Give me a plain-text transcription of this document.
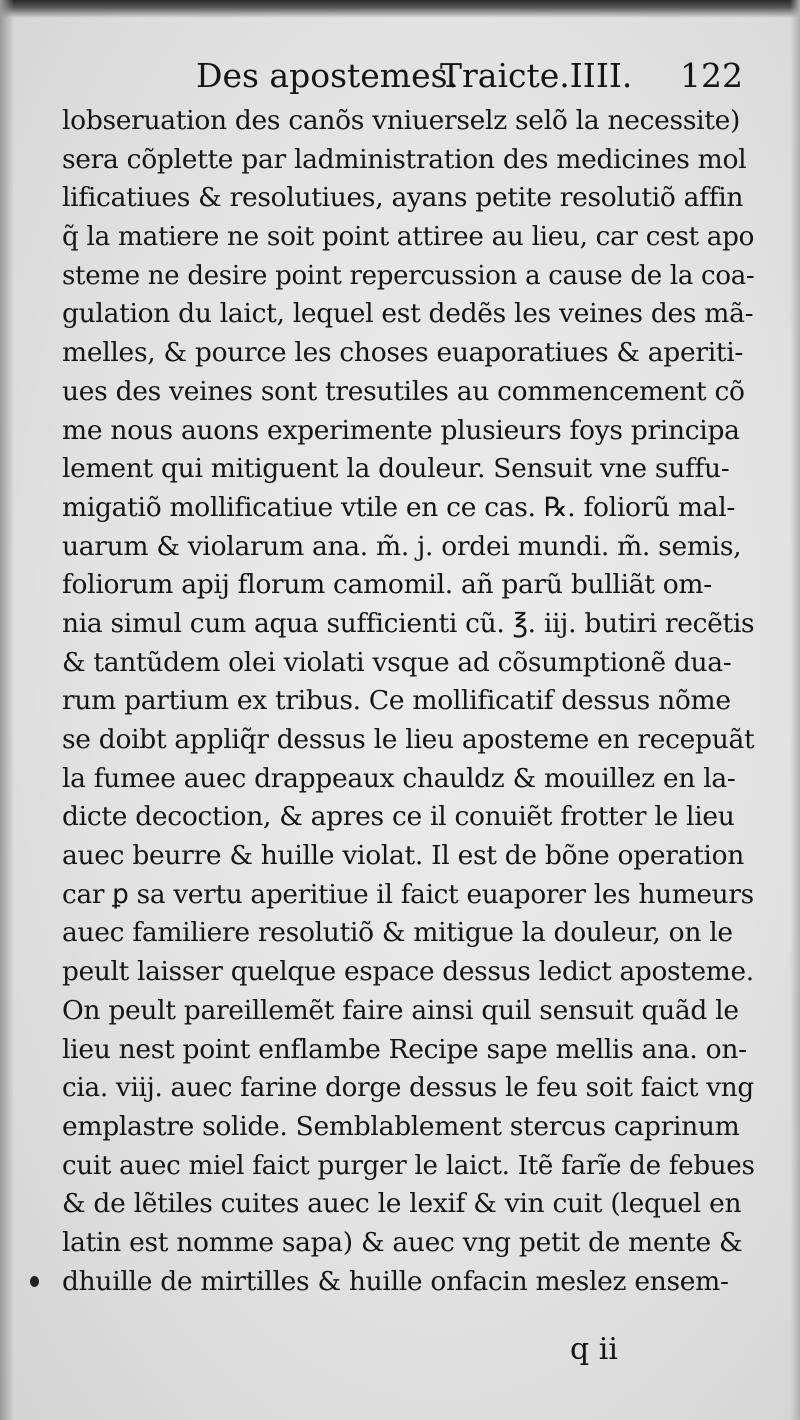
Des apostemes.
Traicte.IIII. 122
lobseruation des canõs vniuerselz selõ la necessite)
sera cõplette par ladministration des medicines mol
lificatiues & resolutiues, ayans petite resolutiõ affin
q̃ la matiere ne soit point attiree au lieu, car cest apo
steme ne desire point repercussion a cause de la coa-
gulation du laict, lequel est dedẽs les veines des mã-
melles, & pource les choses euaporatiues & aperiti-
ues des veines sont tresutiles au commencement cõ
me nous auons experimente plusieurs foys principa
lement qui mitiguent la douleur. Sensuit vne suffu-
migatiõ mollificatiue vtile en ce cas. ℞. foliorũ mal-
uarum & violarum ana. m̃. j. ordei mundi. m̃. semis,
foliorum apij florum camomil. añ parũ bulliãt om-
nia simul cum aqua sufficienti cũ. ℥. iij. butiri recẽtis
& tantũdem olei violati vsque ad cõsumptionẽ dua-
rum partium ex tribus. Ce mollificatif dessus nõme
se doibt appliq̃r dessus le lieu aposteme en recepuãt
la fumee auec drappeaux chauldz & mouillez en la-
dicte decoction, & apres ce il conuiẽt frotter le lieu
auec beurre & huille violat. Il est de bõne operation
car ꝑ sa vertu aperitiue il faict euaporer les humeurs
auec familiere resolutiõ & mitigue la douleur, on le
peult laisser quelque espace dessus ledict aposteme.
On peult pareillemẽt faire ainsi quil sensuit quãd le
lieu nest point enflambe Recipe sape mellis ana. on-
cia. viij. auec farine dorge dessus le feu soit faict vng
emplastre solide. Semblablement stercus caprinum
cuit auec miel faict purger le laict. Itẽ farĩe de febues
& de lẽtiles cuites auec le lexif & vin cuit (lequel en
latin est nomme sapa) & auec vng petit de mente &
dhuille de mirtilles & huille onfacin meslez ensem-
q ii
